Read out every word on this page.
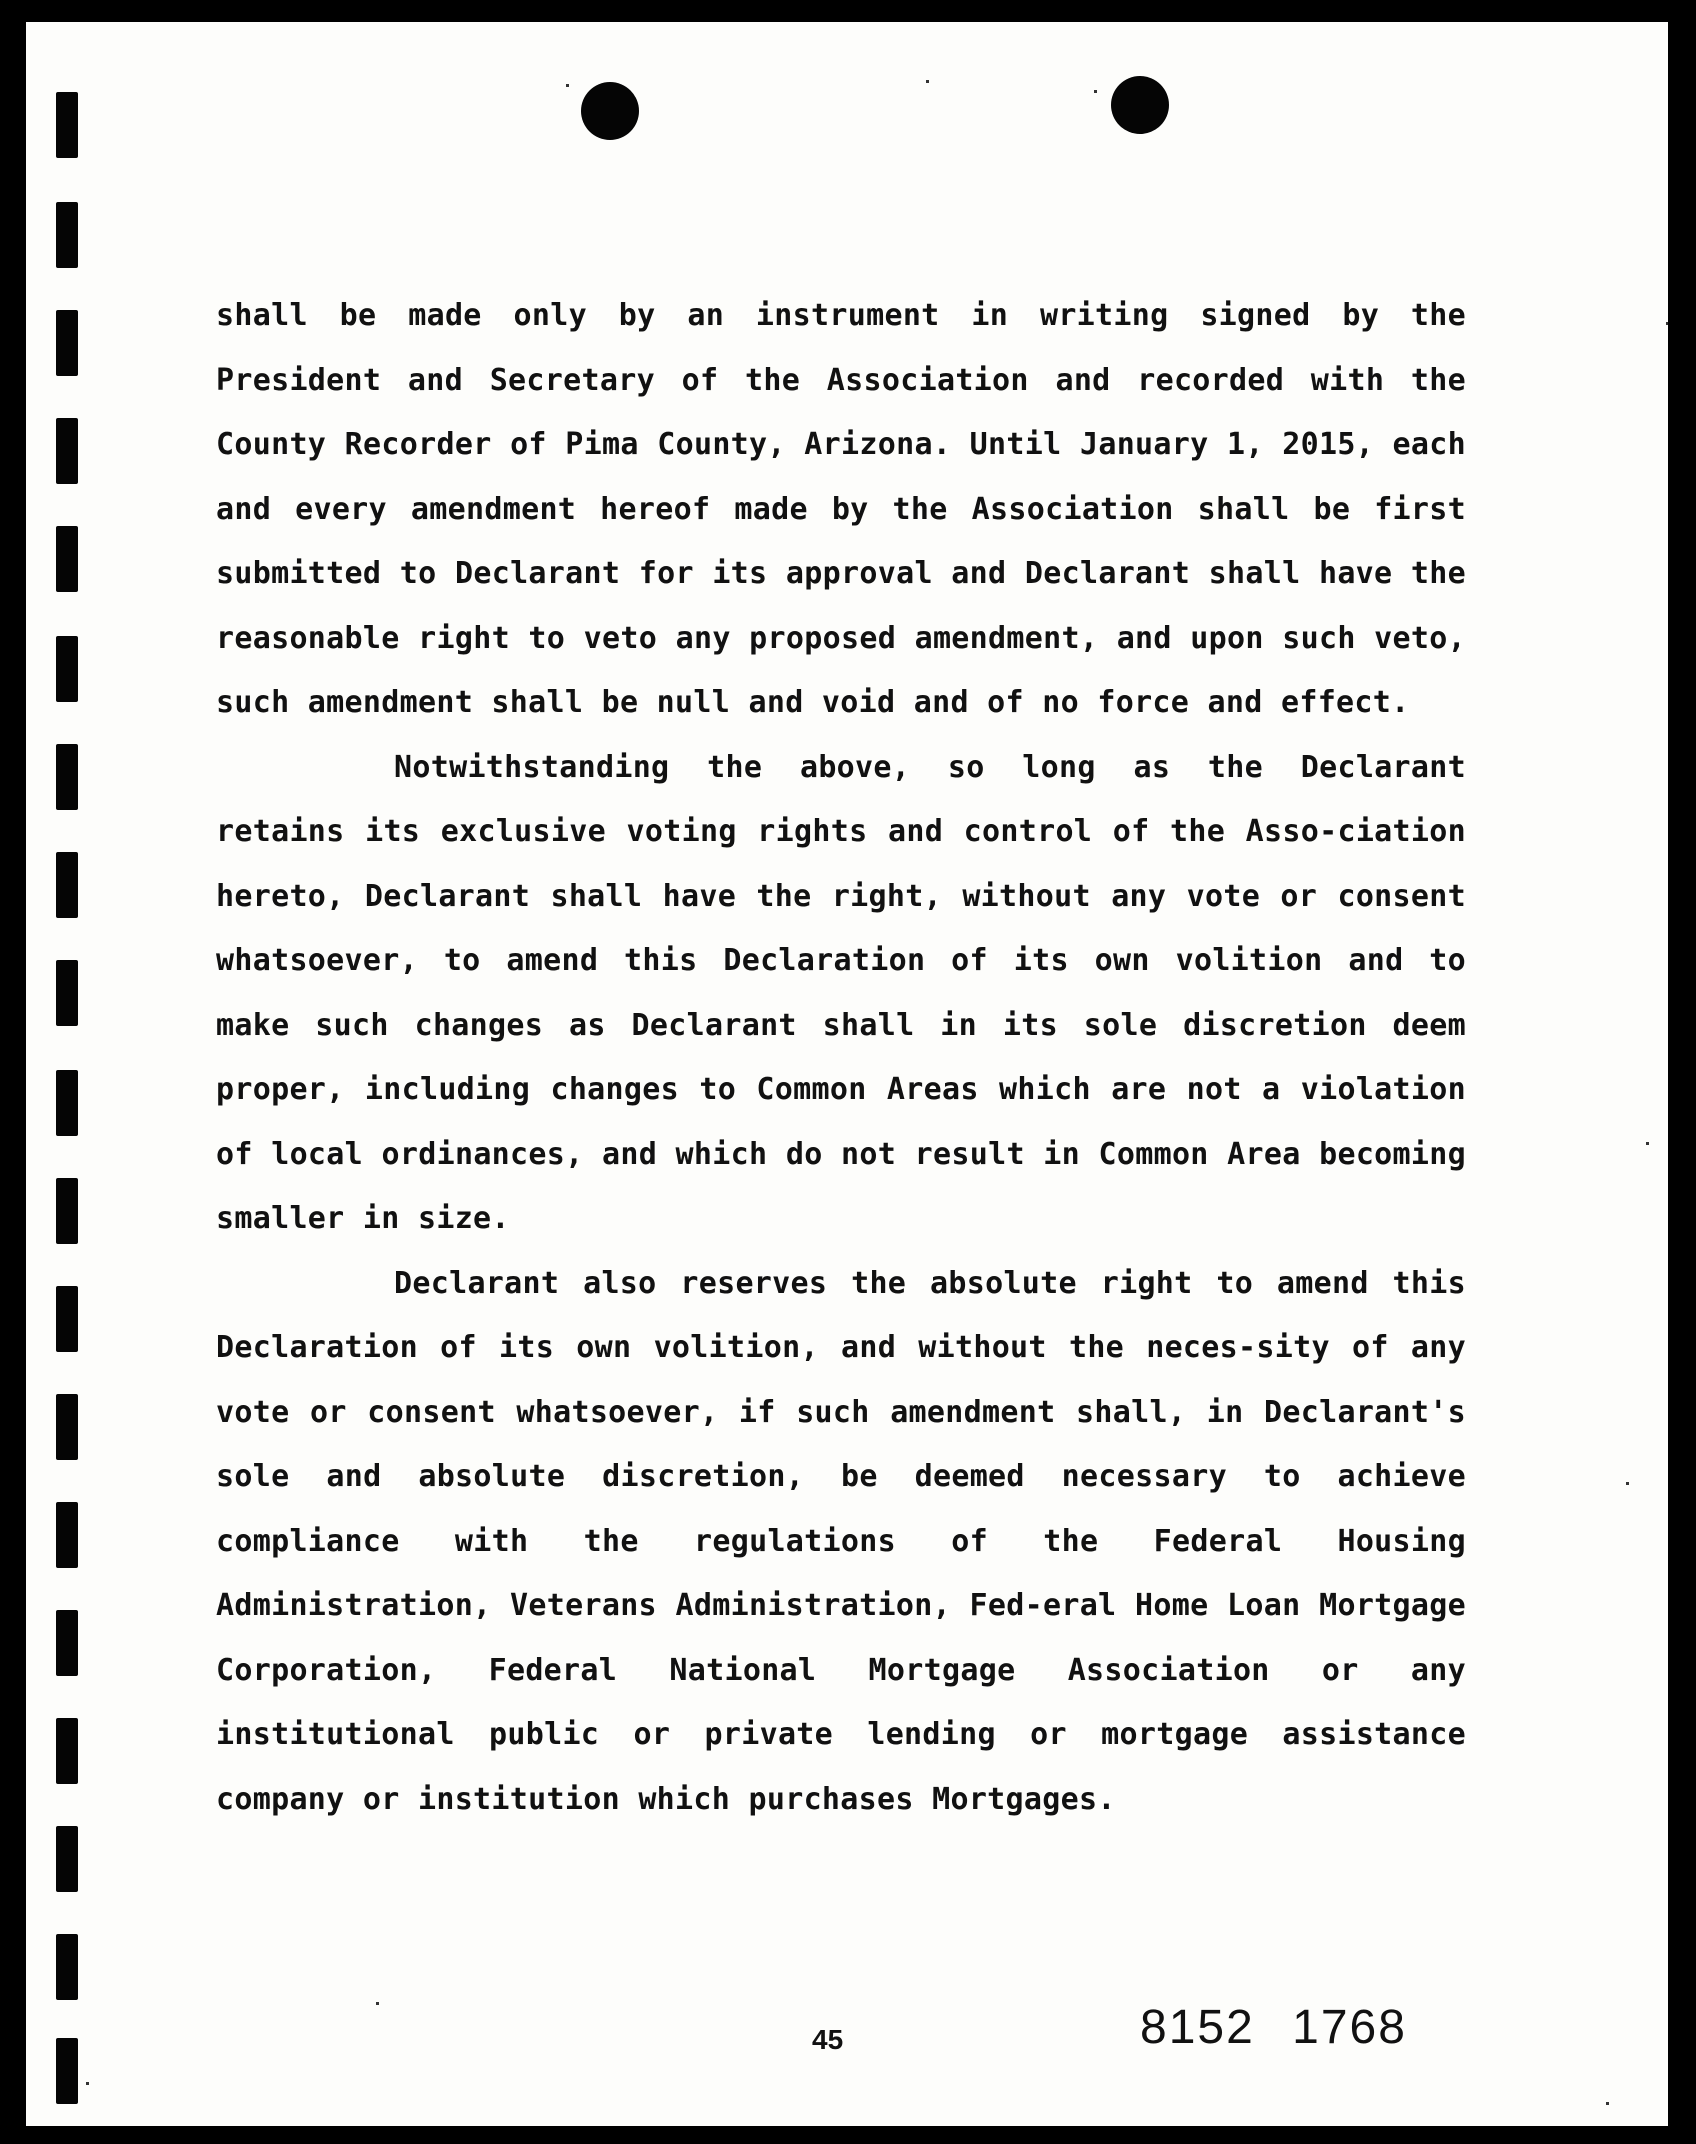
shall be made only by an instrument in writing signed by the President and Secretary of the Association and recorded with the County Recorder of Pima County, Arizona. Until January 1, 2015, each and every amendment hereof made by the Association shall be first submitted to Declarant for its approval and Declarant shall have the reasonable right to veto any proposed amendment, and upon such veto, such amendment shall be null and void and of no force and effect.

Notwithstanding the above, so long as the Declarant retains its exclusive voting rights and control of the Asso-ciation hereto, Declarant shall have the right, without any vote or consent whatsoever, to amend this Declaration of its own volition and to make such changes as Declarant shall in its sole discretion deem proper, including changes to Common Areas which are not a violation of local ordinances, and which do not result in Common Area becoming smaller in size.

Declarant also reserves the absolute right to amend this Declaration of its own volition, and without the neces-sity of any vote or consent whatsoever, if such amendment shall, in Declarant's sole and absolute discretion, be deemed necessary to achieve compliance with the regulations of the Federal Housing Administration, Veterans Administration, Fed-eral Home Loan Mortgage Corporation, Federal National Mortgage Association or any institutional public or private lending or mortgage assistance company or institution which purchases Mortgages.

45	8152 1768
